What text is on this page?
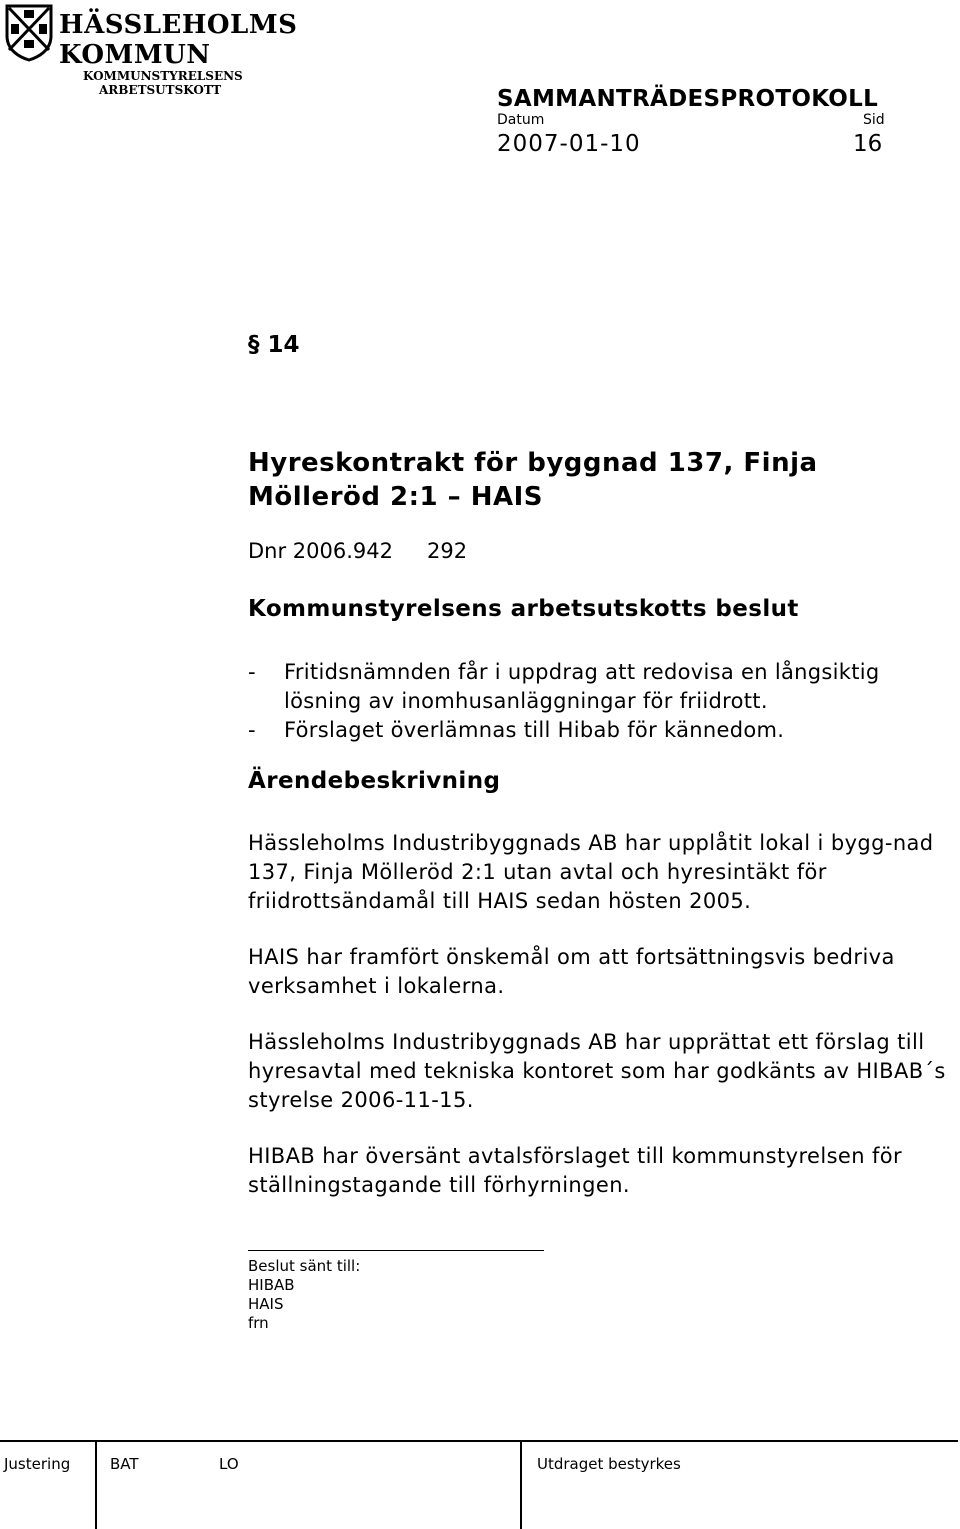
HÄSSLEHOLMS
KOMMUN
KOMMUNSTYRELSENS
ARBETSUTSKOTT	SAMMANTRÄDESPROTOKOLL
Datum	Sid
2007-01-10	16
§ 14
Hyreskontrakt för byggnad 137, Finja
Mölleröd 2:1 – HAIS
Dnr 2006.942 292
Kommunstyrelsens arbetsutskotts beslut
-	Fritidsnämnden får i uppdrag att redovisa en långsiktig lösning av inomhusanläggningar för friidrott.
-	Förslaget överlämnas till Hibab för kännedom.
Ärendebeskrivning

Hässleholms Industribyggnads AB har upplåtit lokal i bygg-nad 137, Finja Mölleröd 2:1 utan avtal och hyresintäkt för friidrottsändamål till HAIS sedan hösten 2005.

HAIS har framfört önskemål om att fortsättningsvis bedriva verksamhet i lokalerna.

Hässleholms Industribyggnads AB har upprättat ett förslag till hyresavtal med tekniska kontoret som har godkänts av HIBAB´s styrelse 2006-11-15.

HIBAB har översänt avtalsförslaget till kommunstyrelsen för ställningstagande till förhyrningen.

Beslut sänt till:
HIBAB
HAIS
frn
Justering	BAT	LO	Utdraget bestyrkes
